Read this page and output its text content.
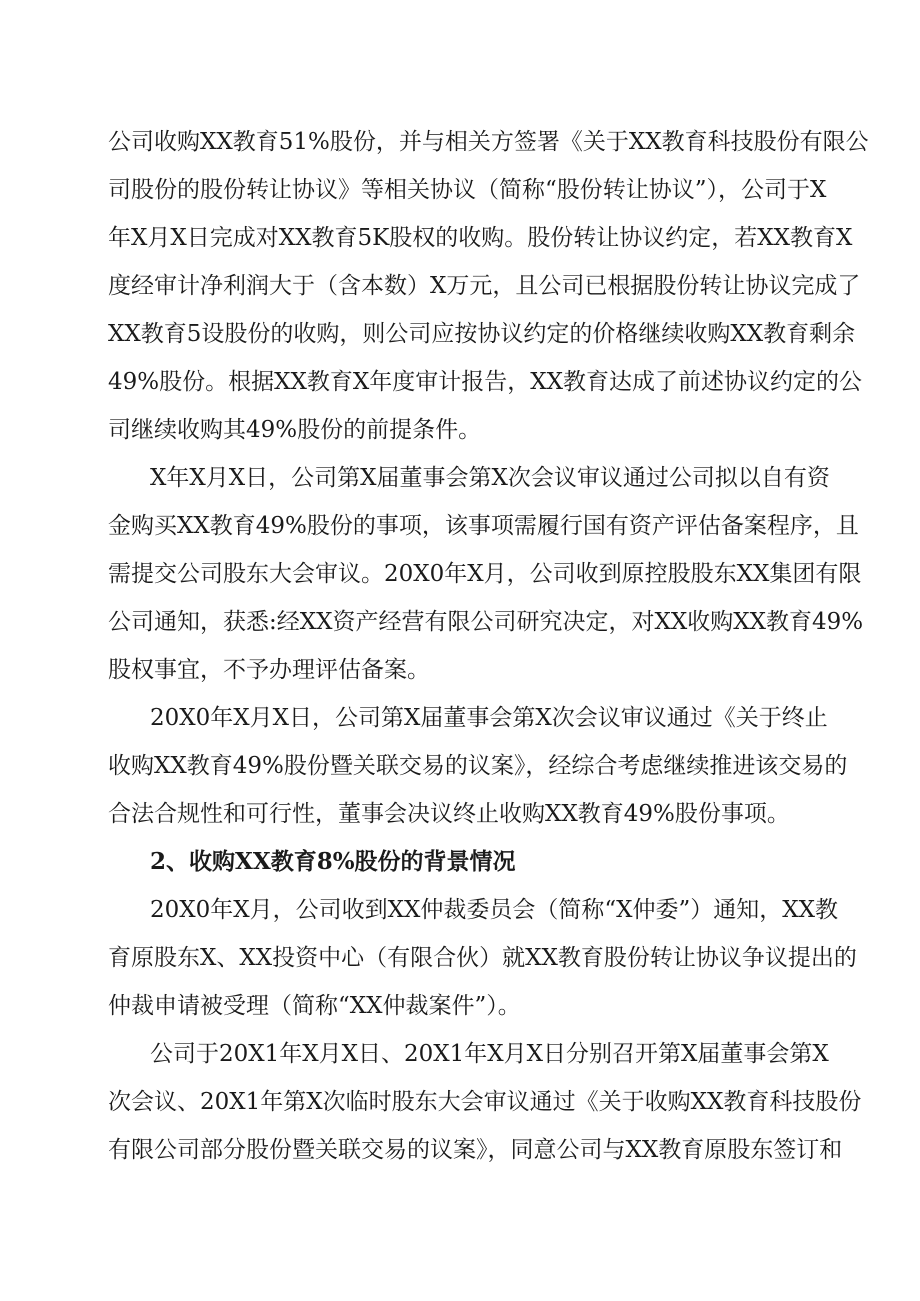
公司收购XX教育51%股份，并与相关方签署《关于XX教育科技股份有限公
司股份的股份转让协议》等相关协议（简称“股份转让协议”），公司于X
年X月X日完成对XX教育5K股权的收购。股份转让协议约定，若XX教育X
度经审计净利润大于（含本数）X万元，且公司已根据股份转让协议完成了
XX教育5设股份的收购，则公司应按协议约定的价格继续收购XX教育剩余
49%股份。根据XX教育X年度审计报告，XX教育达成了前述协议约定的公
司继续收购其49%股份的前提条件。
X年X月X日，公司第X届董事会第X次会议审议通过公司拟以自有资
金购买XX教育49%股份的事项，该事项需履行国有资产评估备案程序，且
需提交公司股东大会审议。20X0年X月，公司收到原控股股东XX集团有限
公司通知，获悉:经XX资产经营有限公司研究决定，对XX收购XX教育49%
股权事宜，不予办理评估备案。
20X0年X月X日，公司第X届董事会第X次会议审议通过《关于终止
收购XX教育49%股份暨关联交易的议案》，经综合考虑继续推进该交易的
合法合规性和可行性，董事会决议终止收购XX教育49%股份事项。
2、收购XX教育8%股份的背景情况
20X0年X月，公司收到XX仲裁委员会（简称“X仲委”）通知，XX教
育原股东X、XX投资中心（有限合伙）就XX教育股份转让协议争议提出的
仲裁申请被受理（简称“XX仲裁案件”）。
公司于20X1年X月X日、20X1年X月X日分别召开第X届董事会第X
次会议、20X1年第X次临时股东大会审议通过《关于收购XX教育科技股份
有限公司部分股份暨关联交易的议案》，同意公司与XX教育原股东签订和
